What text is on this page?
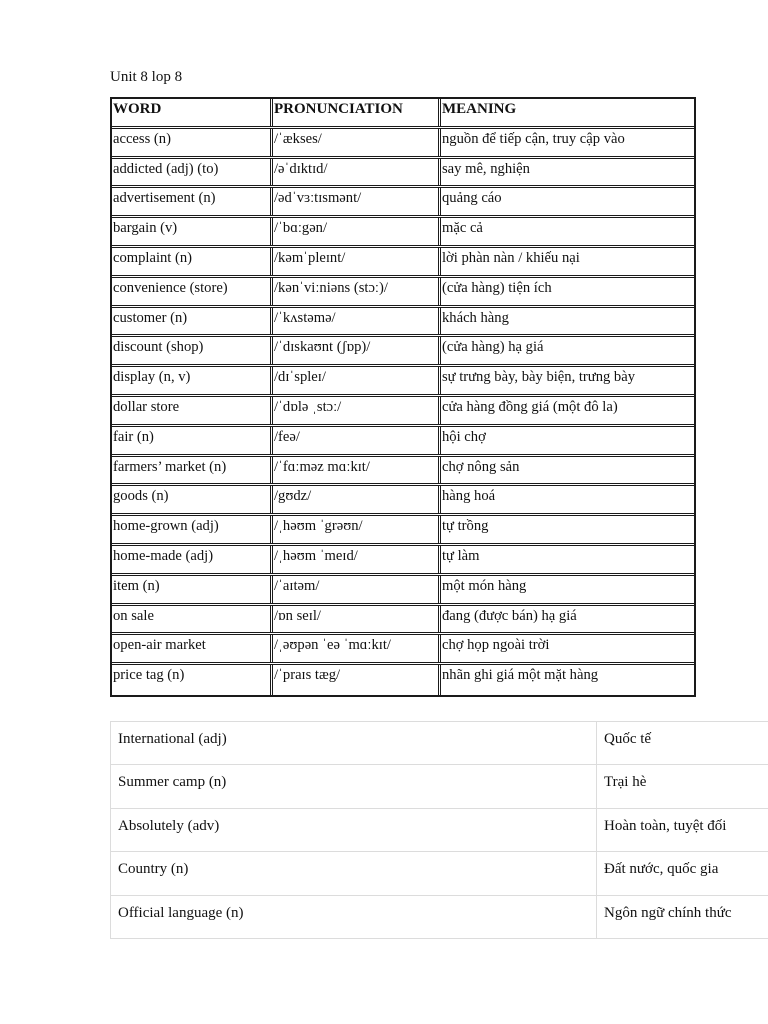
Unit 8 lop 8
WORD	PRONUNCIATION	MEANING
access (n)	/ˈækses/	nguồn để tiếp cận, truy cập vào
addicted (adj) (to)	/əˈdɪktɪd/	say mê, nghiện
advertisement (n)	/ədˈvɜːtɪsmənt/	quảng cáo
bargain (v)	/ˈbɑːgən/	mặc cả
complaint (n)	/kəmˈpleɪnt/	lời phàn nàn / khiếu nại
convenience (store)	/kənˈviːniəns (stɔː)/	(cửa hàng) tiện ích
customer (n)	/ˈkʌstəmə/	khách hàng
discount (shop)	/ˈdɪskaʊnt (ʃɒp)/	(cửa hàng) hạ giá
display (n, v)	/dɪˈspleɪ/	sự trưng bày, bày biện, trưng bày
dollar store	/ˈdɒlə ˌstɔː/	cửa hàng đồng giá (một đô la)
fair (n)	/feə/	hội chợ
farmers’ market (n)	/ˈfɑːməz mɑːkɪt/	chợ nông sản
goods (n)	/gʊdz/	hàng hoá
home-grown (adj)	/ˌhəʊm ˈgrəʊn/	tự trồng
home-made (adj)	/ˌhəʊm ˈmeɪd/	tự làm
item (n)	/ˈaɪtəm/	một món hàng
on sale	/ɒn seɪl/	đang (được bán) hạ giá
open-air market	/ˌəʊpən ˈeə ˈmɑːkɪt/	chợ họp ngoài trời
price tag (n)	/ˈpraɪs tæg/	nhãn ghi giá một mặt hàng
International (adj)	Quốc tế
Summer camp (n)	Trại hè
Absolutely (adv)	Hoàn toàn, tuyệt đối
Country (n)	Đất nước, quốc gia
Official language (n)	Ngôn ngữ chính thức
